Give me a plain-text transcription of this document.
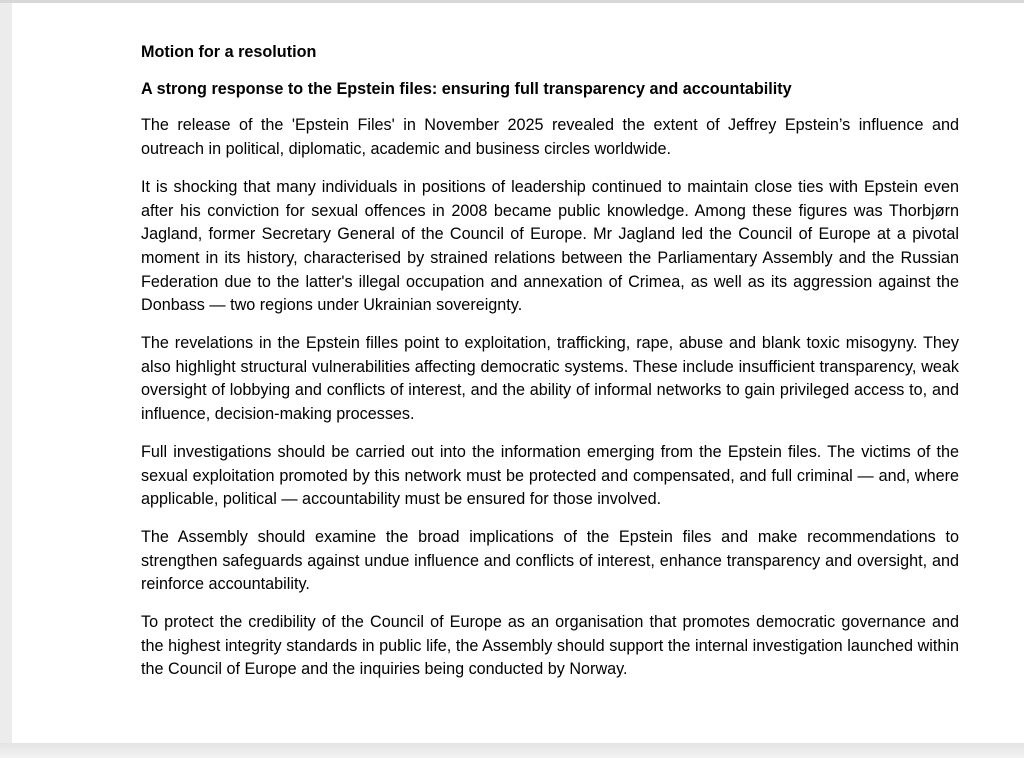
Motion for a resolution
A strong response to the Epstein files: ensuring full transparency and accountability

The release of the 'Epstein Files' in November 2025 revealed the extent of Jeffrey Epstein’s influence and outreach in political, diplomatic, academic and business circles worldwide.

It is shocking that many individuals in positions of leadership continued to maintain close ties with Epstein even after his conviction for sexual offences in 2008 became public knowledge. Among these figures was Thorbjørn Jagland, former Secretary General of the Council of Europe. Mr Jagland led the Council of Europe at a pivotal moment in its history, characterised by strained relations between the Parliamentary Assembly and the Russian Federation due to the latter's illegal occupation and annexation of Crimea, as well as its aggression against the Donbass — two regions under Ukrainian sovereignty.

The revelations in the Epstein filles point to exploitation, trafficking, rape, abuse and blank toxic misogyny. They also highlight structural vulnerabilities affecting democratic systems. These include insufficient transparency, weak oversight of lobbying and conflicts of interest, and the ability of informal networks to gain privileged access to, and influence, decision-making processes.

Full investigations should be carried out into the information emerging from the Epstein files. The victims of the sexual exploitation promoted by this network must be protected and compensated, and full criminal — and, where applicable, political — accountability must be ensured for those involved.

The Assembly should examine the broad implications of the Epstein files and make recommendations to strengthen safeguards against undue influence and conflicts of interest, enhance transparency and oversight, and reinforce accountability.

To protect the credibility of the Council of Europe as an organisation that promotes democratic governance and the highest integrity standards in public life, the Assembly should support the internal investigation launched within the Council of Europe and the inquiries being conducted by Norway.
